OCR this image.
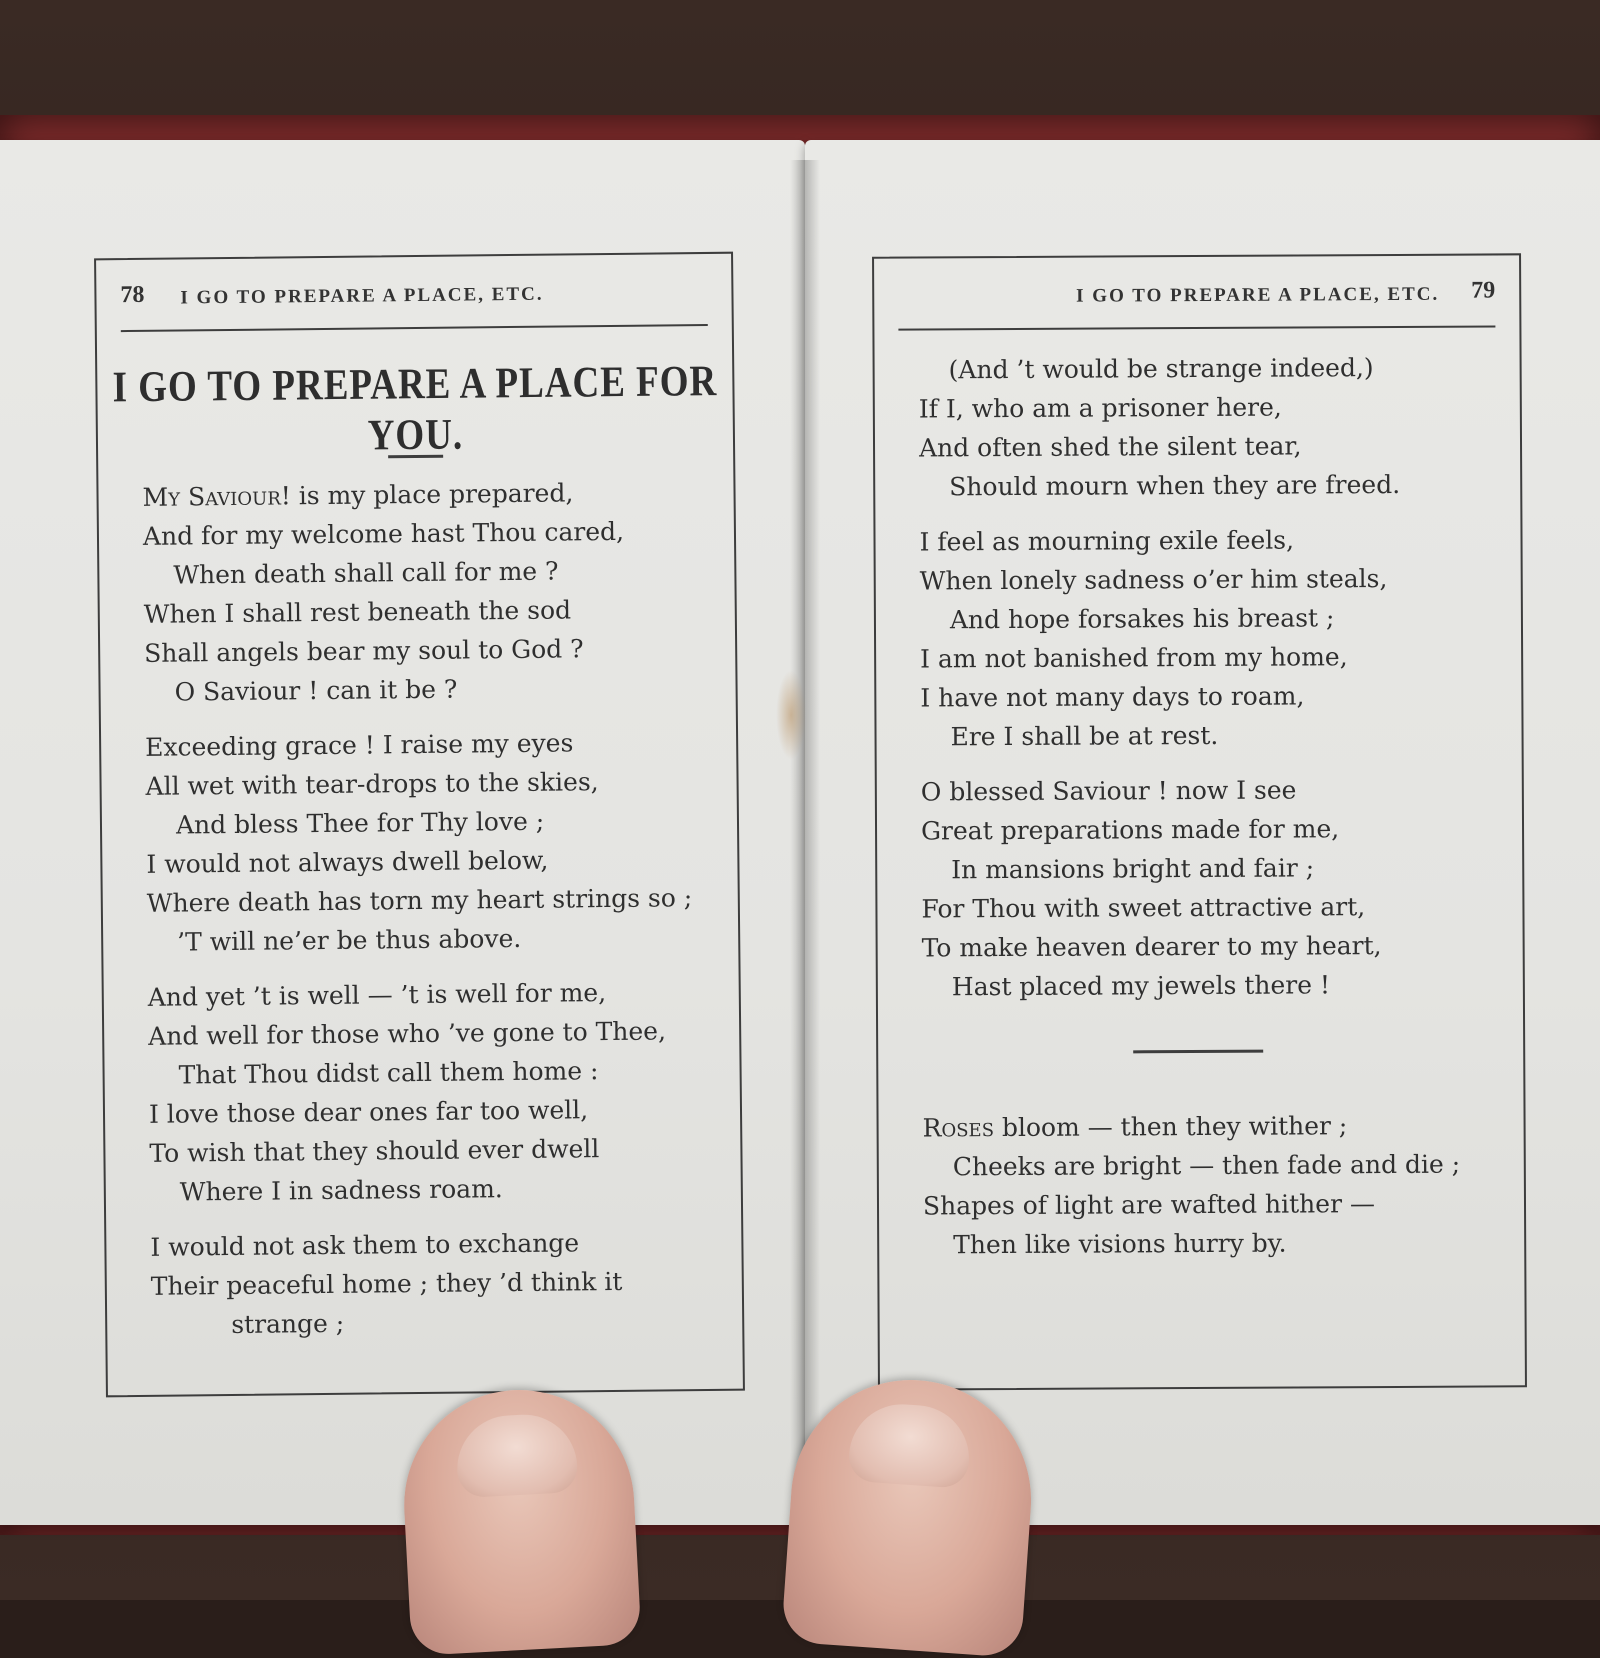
78 I GO TO PREPARE A PLACE, ETC.
I GO TO PREPARE A PLACE FOR YOU.
My Saviour! is my place prepared,
And for my welcome hast Thou cared,
When death shall call for me ?
When I shall rest beneath the sod
Shall angels bear my soul to God ?
O Saviour ! can it be ?
Exceeding grace ! I raise my eyes
All wet with tear-drops to the skies,
And bless Thee for Thy love ;
I would not always dwell below,
Where death has torn my heart strings so ;
’T will ne’er be thus above.
And yet ’t is well — ’t is well for me,
And well for those who ’ve gone to Thee,
That Thou didst call them home :
I love those dear ones far too well,
To wish that they should ever dwell
Where I in sadness roam.
I would not ask them to exchange
Their peaceful home ; they ’d think it
strange ;
I GO TO PREPARE A PLACE, ETC. 79
(And ’t would be strange indeed,)
If I, who am a prisoner here,
And often shed the silent tear,
Should mourn when they are freed.
I feel as mourning exile feels,
When lonely sadness o’er him steals,
And hope forsakes his breast ;
I am not banished from my home,
I have not many days to roam,
Ere I shall be at rest.
O blessed Saviour ! now I see
Great preparations made for me,
In mansions bright and fair ;
For Thou with sweet attractive art,
To make heaven dearer to my heart,
Hast placed my jewels there !
Roses bloom — then they wither ;
Cheeks are bright — then fade and die ;
Shapes of light are wafted hither —
Then like visions hurry by.
